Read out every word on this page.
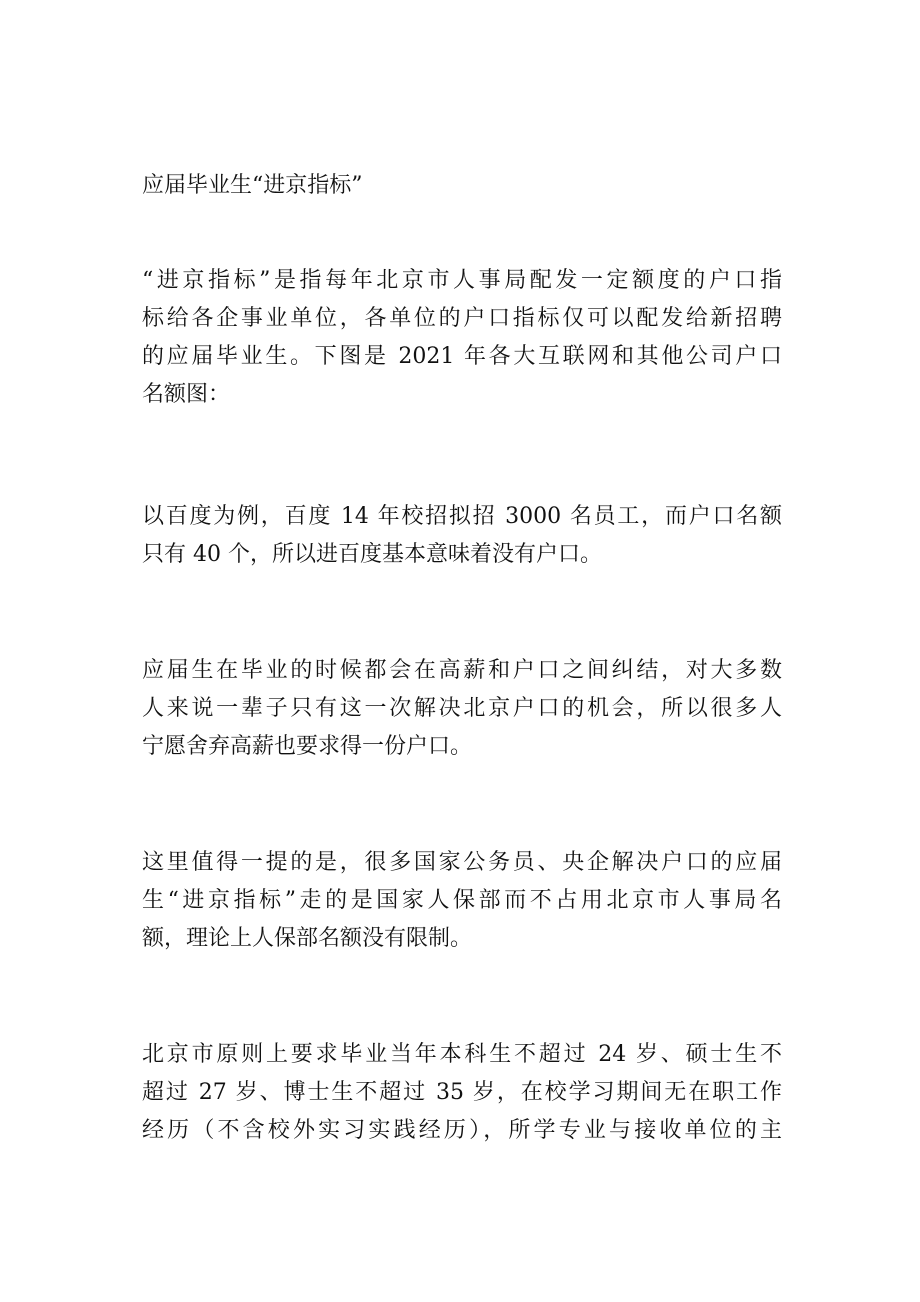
应届毕业生“进京指标”
“进京指标”是指每年北京市人事局配发一定额度的户口指
标给各企事业单位，各单位的户口指标仅可以配发给新招聘
的应届毕业生。下图是 2021 年各大互联网和其他公司户口
名额图：
以百度为例，百度 14 年校招拟招 3000 名员工，而户口名额
只有 40 个，所以进百度基本意味着没有户口。
应届生在毕业的时候都会在高薪和户口之间纠结，对大多数
人来说一辈子只有这一次解决北京户口的机会，所以很多人
宁愿舍弃高薪也要求得一份户口。
这里值得一提的是，很多国家公务员、央企解决户口的应届
生“进京指标”走的是国家人保部而不占用北京市人事局名
额，理论上人保部名额没有限制。
北京市原则上要求毕业当年本科生不超过 24 岁、硕士生不
超过 27 岁、博士生不超过 35 岁，在校学习期间无在职工作
经历（不含校外实习实践经历），所学专业与接收单位的主
